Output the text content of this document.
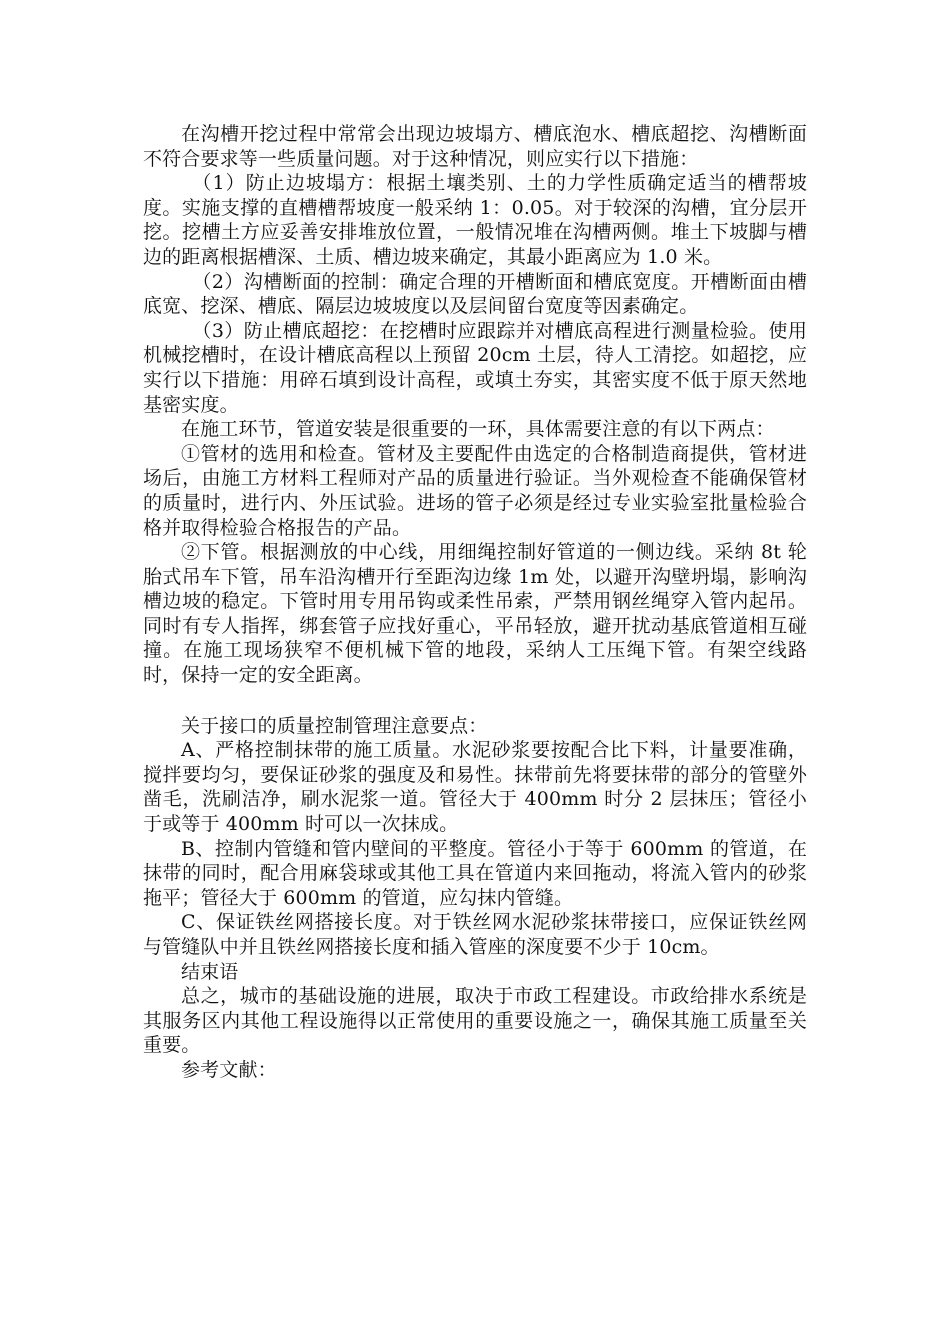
在沟槽开挖过程中常常会出现边坡塌方、槽底泡水、槽底超挖、沟槽断面不符合要求等一些质量问题。对于这种情况，则应实行以下措施：

（1）防止边坡塌方：根据土壤类别、土的力学性质确定适当的槽帮坡度。实施支撑的直槽槽帮坡度一般采纳 1：0.05。对于较深的沟槽，宜分层开挖。挖槽土方应妥善安排堆放位置，一般情况堆在沟槽两侧。堆土下坡脚与槽边的距离根据槽深、土质、槽边坡来确定，其最小距离应为 1.0 米。

（2）沟槽断面的控制：确定合理的开槽断面和槽底宽度。开槽断面由槽底宽、挖深、槽底、隔层边坡坡度以及层间留台宽度等因素确定。

（3）防止槽底超挖：在挖槽时应跟踪并对槽底高程进行测量检验。使用机械挖槽时，在设计槽底高程以上预留 20cm 土层，待人工清挖。如超挖，应实行以下措施：用碎石填到设计高程，或填土夯实，其密实度不低于原天然地基密实度。

在施工环节，管道安装是很重要的一环，具体需要注意的有以下两点：

①管材的选用和检查。管材及主要配件由选定的合格制造商提供，管材进场后，由施工方材料工程师对产品的质量进行验证。当外观检查不能确保管材的质量时，进行内、外压试验。进场的管子必须是经过专业实验室批量检验合格并取得检验合格报告的产品。

②下管。根据测放的中心线，用细绳控制好管道的一侧边线。采纳 8t 轮胎式吊车下管，吊车沿沟槽开行至距沟边缘 1m 处，以避开沟壁坍塌，影响沟槽边坡的稳定。下管时用专用吊钩或柔性吊索，严禁用钢丝绳穿入管内起吊。同时有专人指挥，绑套管子应找好重心，平吊轻放，避开扰动基底管道相互碰撞。在施工现场狭窄不便机械下管的地段，采纳人工压绳下管。有架空线路时，保持一定的安全距离。

关于接口的质量控制管理注意要点：

A、严格控制抹带的施工质量。水泥砂浆要按配合比下料，计量要准确，搅拌要均匀，要保证砂浆的强度及和易性。抹带前先将要抹带的部分的管壁外凿毛，洗刷洁净，刷水泥浆一道。管径大于 400mm 时分 2 层抹压；管径小于或等于 400mm 时可以一次抹成。

B、控制内管缝和管内壁间的平整度。管径小于等于 600mm 的管道，在抹带的同时，配合用麻袋球或其他工具在管道内来回拖动，将流入管内的砂浆拖平；管径大于 600mm 的管道，应勾抹内管缝。

C、保证铁丝网搭接长度。对于铁丝网水泥砂浆抹带接口，应保证铁丝网与管缝队中并且铁丝网搭接长度和插入管座的深度要不少于 10cm。

结束语

总之，城市的基础设施的进展，取决于市政工程建设。市政给排水系统是其服务区内其他工程设施得以正常使用的重要设施之一，确保其施工质量至关重要。

参考文献：
